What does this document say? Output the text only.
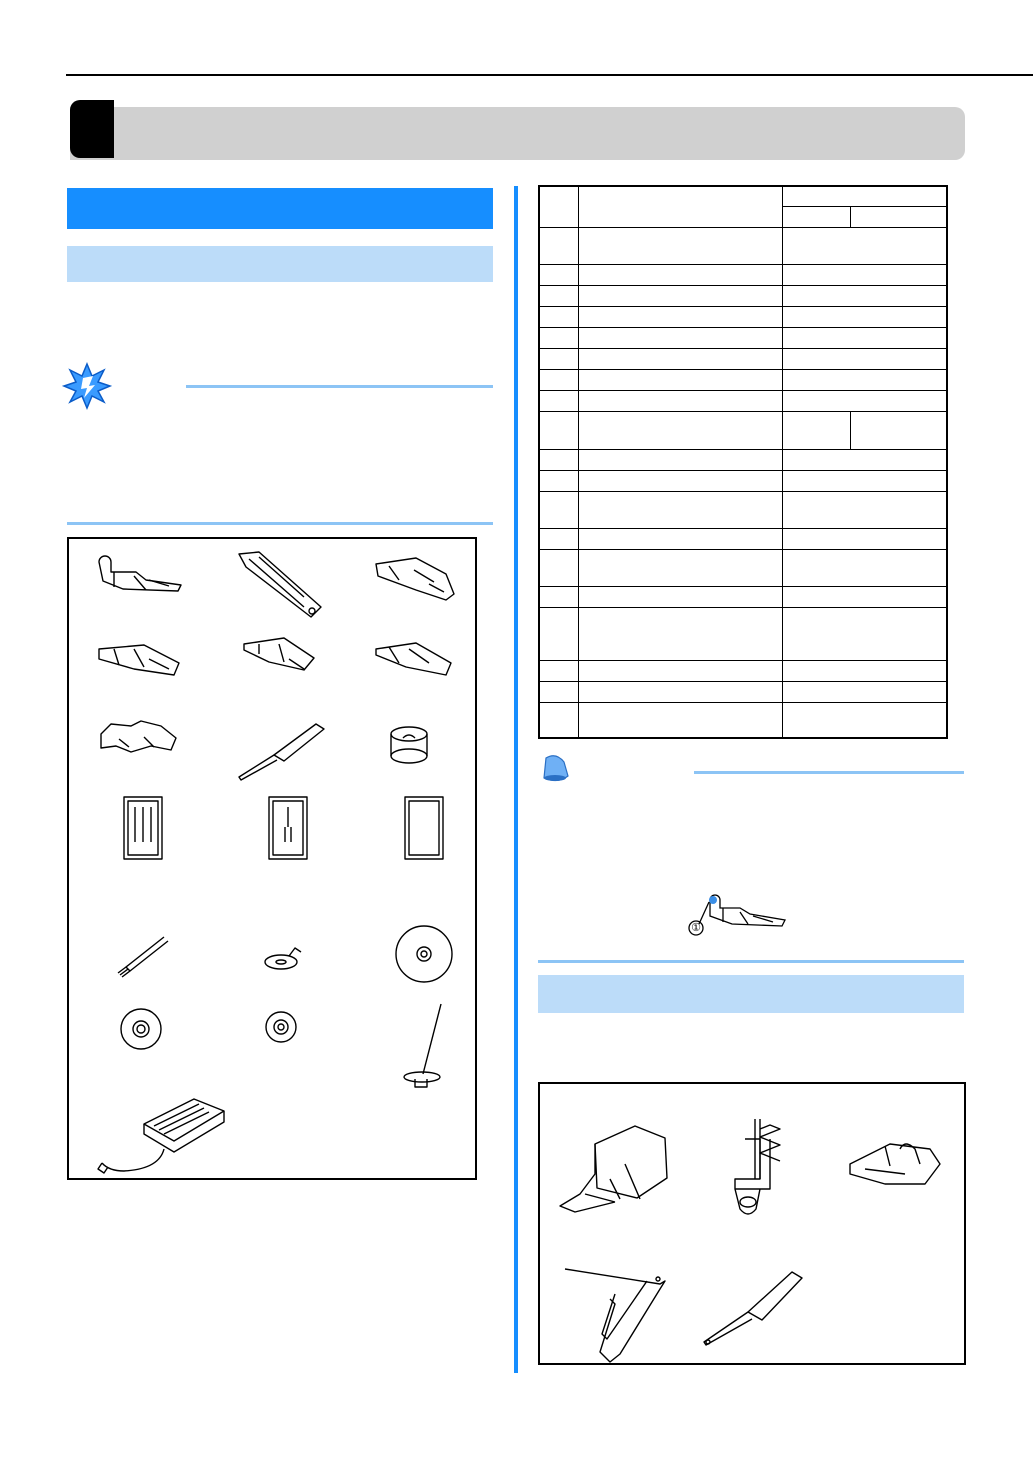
①
